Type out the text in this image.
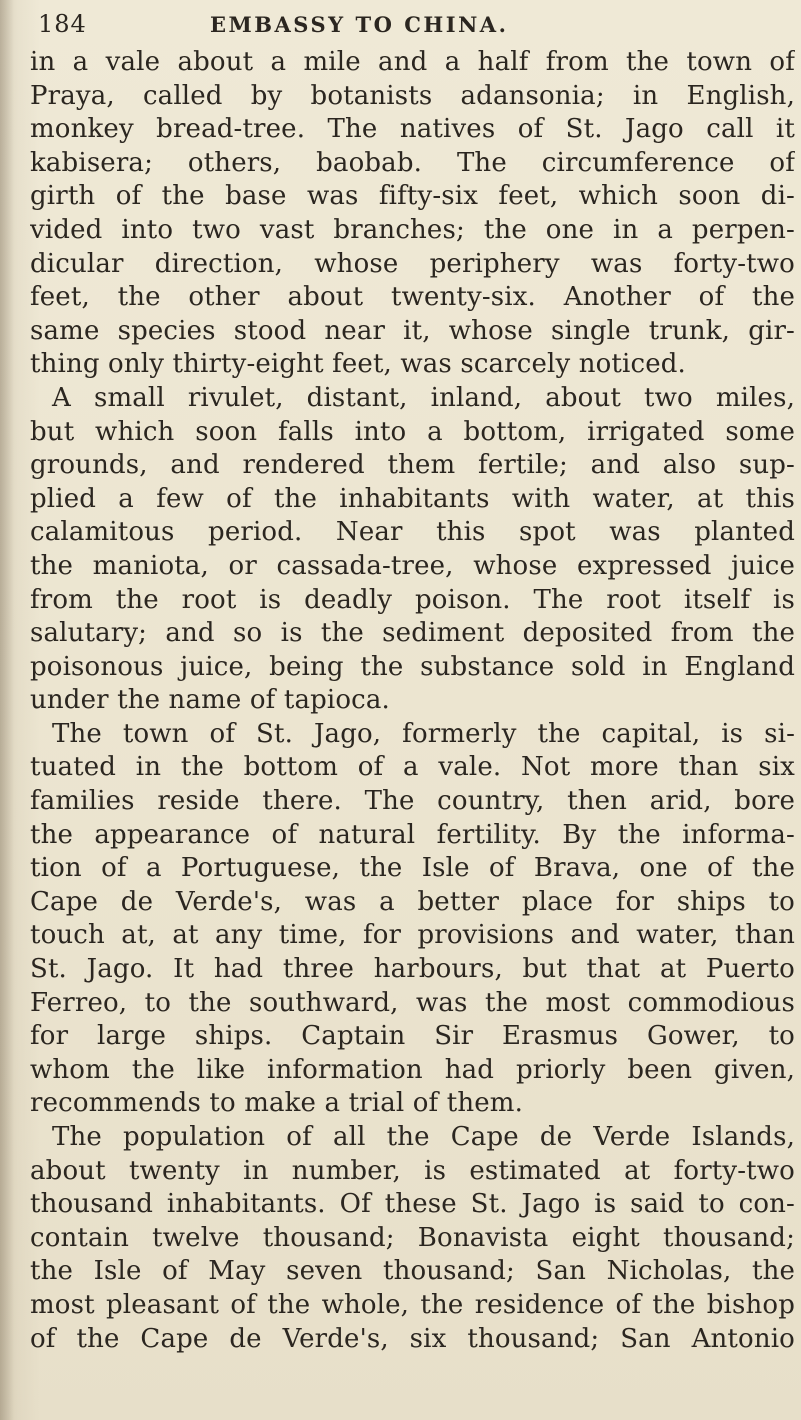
184	EMBASSY TO CHINA.
in a vale about a mile and a half from the town of
Praya, called by botanists adansonia; in English,
monkey bread-tree. The natives of St. Jago call it
kabisera; others, baobab. The circumference of
girth of the base was fifty-six feet, which soon di-
vided into two vast branches; the one in a perpen-
dicular direction, whose periphery was forty-two
feet, the other about twenty-six. Another of the
same species stood near it, whose single trunk, gir-
thing only thirty-eight feet, was scarcely noticed.
A small rivulet, distant, inland, about two miles,
but which soon falls into a bottom, irrigated some
grounds, and rendered them fertile; and also sup-
plied a few of the inhabitants with water, at this
calamitous period. Near this spot was planted
the maniota, or cassada-tree, whose expressed juice
from the root is deadly poison. The root itself is
salutary; and so is the sediment deposited from the
poisonous juice, being the substance sold in England
under the name of tapioca.
The town of St. Jago, formerly the capital, is si-
tuated in the bottom of a vale. Not more than six
families reside there. The country, then arid, bore
the appearance of natural fertility. By the informa-
tion of a Portuguese, the Isle of Brava, one of the
Cape de Verde's, was a better place for ships to
touch at, at any time, for provisions and water, than
St. Jago. It had three harbours, but that at Puerto
Ferreo, to the southward, was the most commodious
for large ships. Captain Sir Erasmus Gower, to
whom the like information had priorly been given,
recommends to make a trial of them.
The population of all the Cape de Verde Islands,
about twenty in number, is estimated at forty-two
thousand inhabitants. Of these St. Jago is said to con-
contain twelve thousand; Bonavista eight thousand;
the Isle of May seven thousand; San Nicholas, the
most pleasant of the whole, the residence of the bishop
of the Cape de Verde's, six thousand; San Antonio
